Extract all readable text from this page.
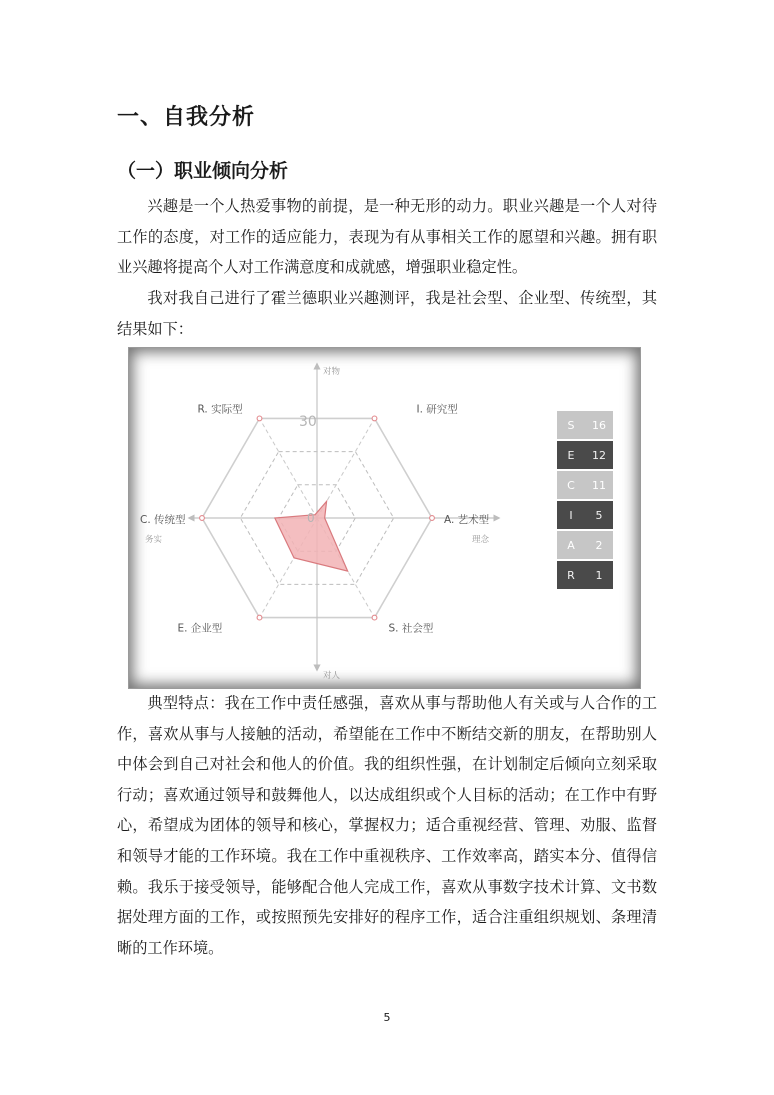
一、自我分析
（一）职业倾向分析

兴趣是一个人热爱事物的前提，是一种无形的动力。职业兴趣是一个人对待工作的态度，对工作的适应能力，表现为有从事相关工作的愿望和兴趣。拥有职业兴趣将提高个人对工作满意度和成就感，增强职业稳定性。

我对我自己进行了霍兰德职业兴趣测评，我是社会型、企业型、传统型，其结果如下：

R. 实际型	I. 研究型
A. 艺术型
S. 社会型
E. 企业型
C. 传统型
30
0
对物
对人
务实	理念
S 16
E 12
C 11
I 5
A 2
R 1

典型特点：我在工作中责任感强，喜欢从事与帮助他人有关或与人合作的工作，喜欢从事与人接触的活动，希望能在工作中不断结交新的朋友，在帮助别人中体会到自己对社会和他人的价值。我的组织性强，在计划制定后倾向立刻采取行动；喜欢通过领导和鼓舞他人，以达成组织或个人目标的活动；在工作中有野心，希望成为团体的领导和核心，掌握权力；适合重视经营、管理、劝服、监督和领导才能的工作环境。我在工作中重视秩序、工作效率高，踏实本分、值得信赖。我乐于接受领导，能够配合他人完成工作，喜欢从事数字技术计算、文书数据处理方面的工作，或按照预先安排好的程序工作，适合注重组织规划、条理清晰的工作环境。

5
